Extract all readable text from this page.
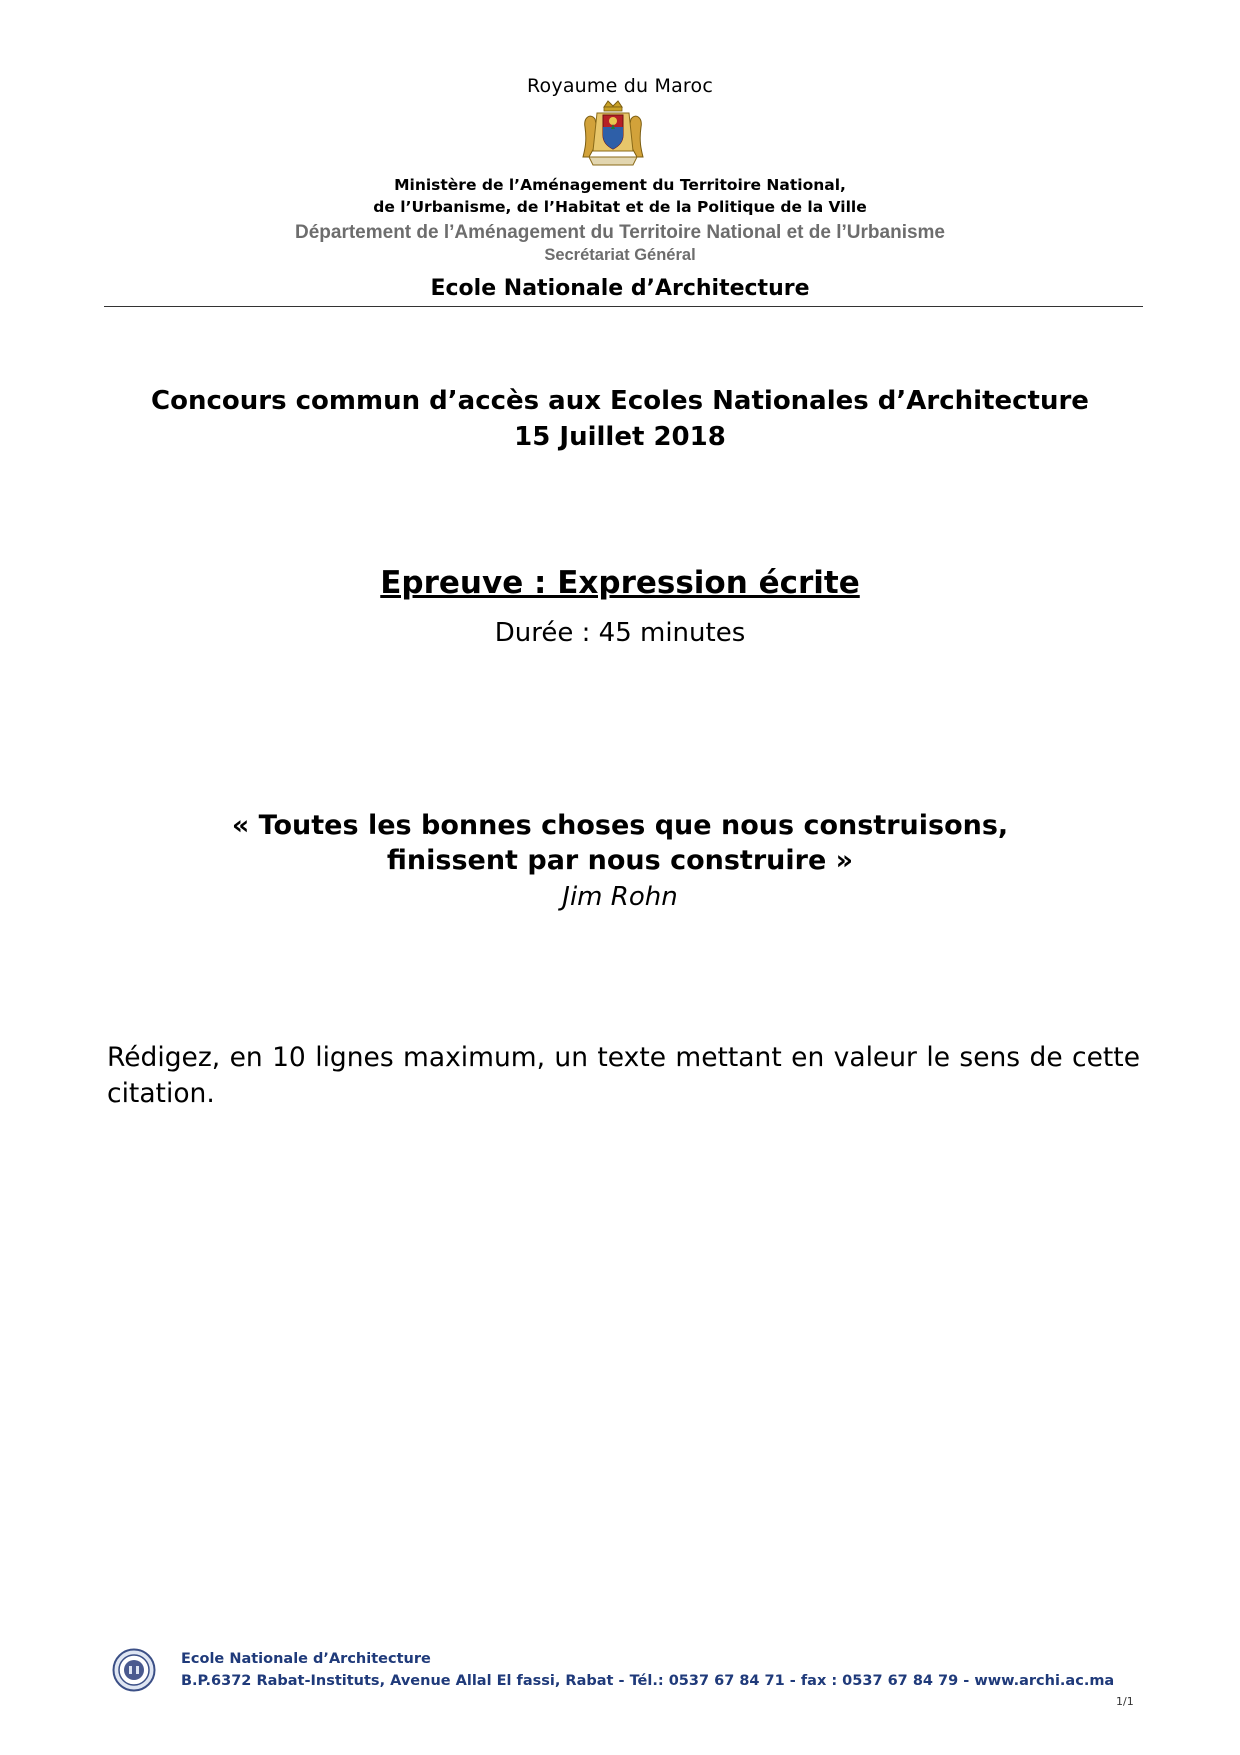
Royaume du Maroc
Ministère de l’Aménagement du Territoire National,
de l’Urbanisme, de l’Habitat et de la Politique de la Ville
Département de l’Aménagement du Territoire National et de l’Urbanisme
Secrétariat Général
Ecole Nationale d’Architecture
Concours commun d’accès aux Ecoles Nationales d’Architecture
15 Juillet 2018
Epreuve : Expression écrite
Durée : 45 minutes
« Toutes les bonnes choses que nous construisons,
finissent par nous construire »
Jim Rohn
Rédigez, en 10 lignes maximum, un texte mettant en valeur le sens de cette citation.
Ecole Nationale d’Architecture
B.P.6372 Rabat-Instituts, Avenue Allal El fassi, Rabat - Tél.: 0537 67 84 71 - fax : 0537 67 84 79 - www.archi.ac.ma
1/1
